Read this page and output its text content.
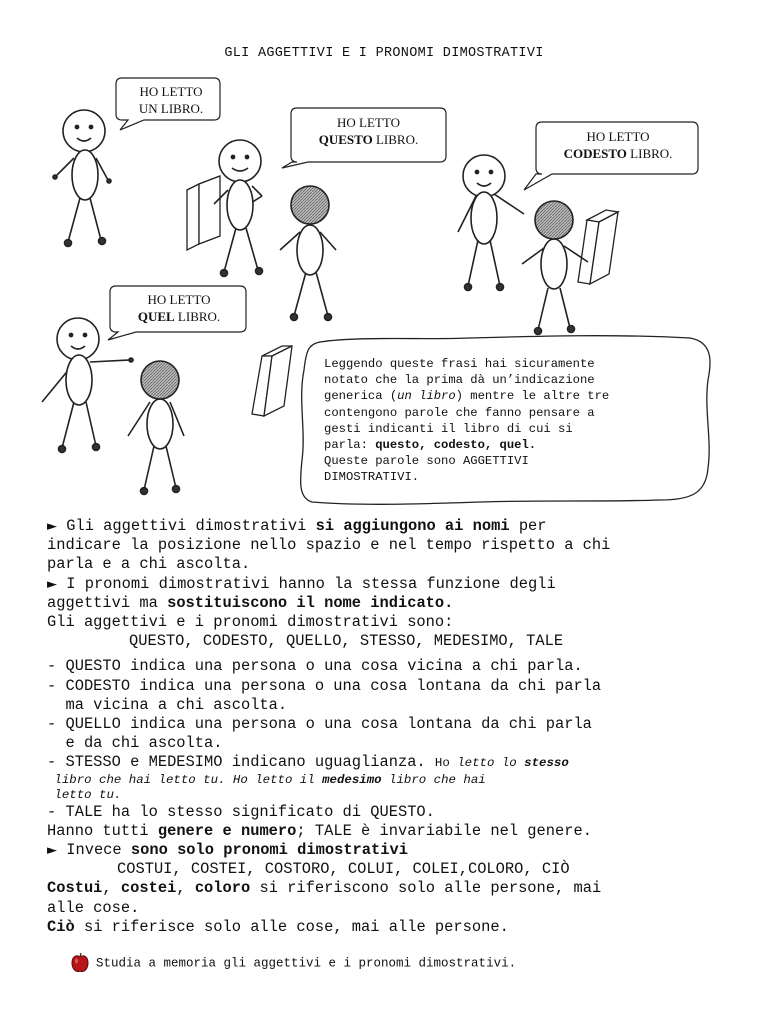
GLI AGGETTIVI E I PRONOMI DIMOSTRATIVI
HO LETTO
UN LIBRO.
HO LETTO
QUESTO LIBRO.	HO LETTO
CODESTO LIBRO.
HO LETTO
QUEL LIBRO.
Leggendo queste frasi hai sicuramente
notato che la prima dà un’indicazione
generica (un libro) mentre le altre tre
contengono parole che fanno pensare a
gesti indicanti il libro di cui si
parla: questo, codesto, quel.
Queste parole sono AGGETTIVI
DIMOSTRATIVI.

► Gli aggettivi dimostrativi si aggiungono ai nomi per

indicare la posizione nello spazio e nel tempo rispetto a chi

parla e a chi ascolta.

► I pronomi dimostrativi hanno la stessa funzione degli

aggettivi ma sostituiscono il nome indicato.

Gli aggettivi e i pronomi dimostrativi sono:

QUESTO, CODESTO, QUELLO, STESSO, MEDESIMO, TALE

- QUESTO indica una persona o una cosa vicina a chi parla.

- CODESTO indica una persona o una cosa lontana da chi parla

ma vicina a chi ascolta.

- QUELLO indica una persona o una cosa lontana da chi parla

e da chi ascolta.

- STESSO e MEDESIMO indicano uguaglianza. Ho letto lo stesso

libro che hai letto tu. Ho letto il medesimo libro che hai

letto tu.

- TALE ha lo stesso significato di QUESTO.

Hanno tutti genere e numero; TALE è invariabile nel genere.

► Invece sono solo pronomi dimostrativi

COSTUI, COSTEI, COSTORO, COLUI, COLEI,COLORO, CIÒ

Costui, costei, coloro si riferiscono solo alle persone, mai

alle cose.

Ciò si riferisce solo alle cose, mai alle persone.

Studia a memoria gli aggettivi e i pronomi dimostrativi.
